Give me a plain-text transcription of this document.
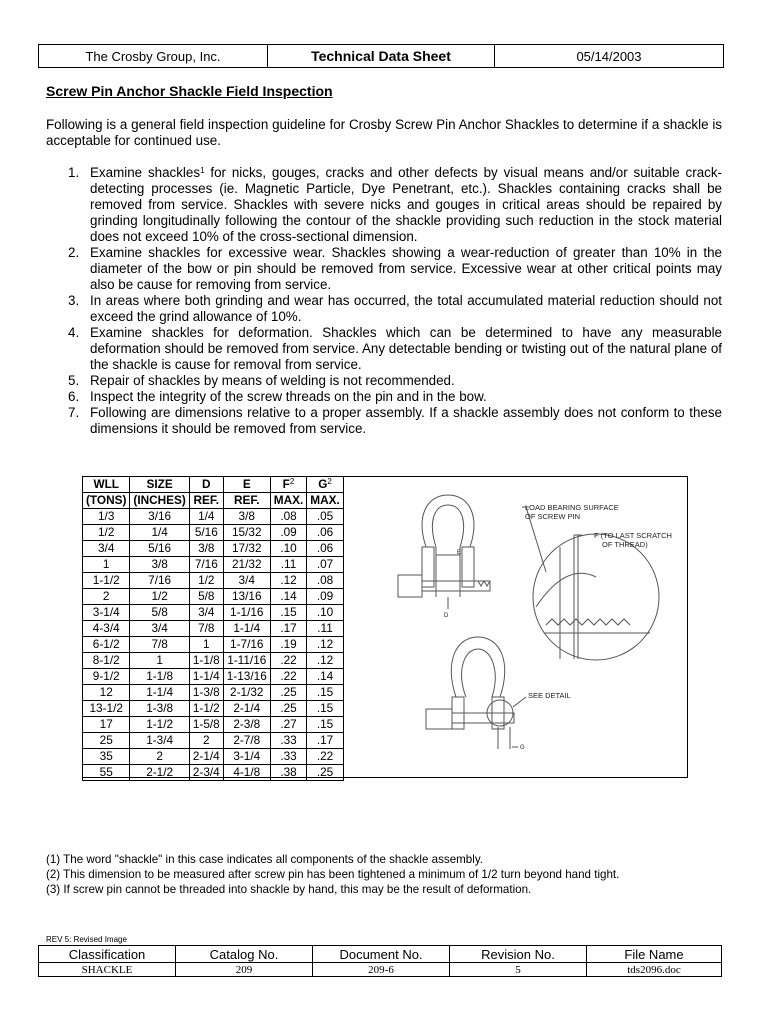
The Crosby Group, Inc.	Technical Data Sheet	05/14/2003
Screw Pin Anchor Shackle Field Inspection
Following is a general field inspection guideline for Crosby Screw Pin Anchor Shackles to determine if a shackle is acceptable for continued use.
1. Examine shackles$^1$ for nicks, gouges, cracks and other defects by visual means and/or suitable crack-detecting processes (ie. Magnetic Particle, Dye Penetrant, etc.). Shackles containing cracks shall be removed from service. Shackles with severe nicks and gouges in critical areas should be repaired by grinding longitudinally following the contour of the shackle providing such reduction in the stock material does not exceed 10% of the cross-sectional dimension.
2. Examine shackles for excessive wear. Shackles showing a wear-reduction of greater than 10% in the diameter of the bow or pin should be removed from service. Excessive wear at other critical points may also be cause for removing from service.
3. In areas where both grinding and wear has occurred, the total accumulated material reduction should not exceed the grind allowance of 10%.
4. Examine shackles for deformation. Shackles which can be determined to have any measurable deformation should be removed from service. Any detectable bending or twisting out of the natural plane of the shackle is cause for removal from service.
5. Repair of shackles by means of welding is not recommended.
6. Inspect the integrity of the screw threads on the pin and in the bow.
7. Following are dimensions relative to a proper assembly. If a shackle assembly does not conform to these dimensions it should be removed from service.
WLL	SIZE	D	E	$F^2$	$G^2$
(TONS)	(INCHES)	REF.	REF.	MAX.	MAX.
1/3	3/16	1/4	3/8	.08	.05
1/2	1/4	5/16	15/32	.09	.06
3/4	5/16	3/8	17/32	.10	.06
1	3/8	7/16	21/32	.11	.07
1-1/2	7/16	1/2	3/4	.12	.08
2	1/2	5/8	13/16	.14	.09
3-1/4	5/8	3/4	1-1/16	.15	.10
4-3/4	3/4	7/8	1-1/4	.17	.11
6-1/2	7/8	1	1-7/16	.19	.12
8-1/2	1	1-1/8	1-11/16	.22	.12
9-1/2	1-1/8	1-1/4	1-13/16	.22	.14
12	1-1/4	1-3/8	2-1/32	.25	.15
13-1/2	1-3/8	1-1/2	2-1/4	.25	.15
17	1-1/2	1-5/8	2-3/8	.27	.15
25	1-3/4	2	2-7/8	.33	.17
35	2	2-1/4	3-1/4	.33	.22
55	2-1/2	2-3/4	4-1/8	.38	.25
E
D
G
LOAD BEARING SURFACE
OF SCREW PIN
F (TO LAST SCRATCH
OF THREAD)
SEE DETAIL
(1) The word "shackle" in this case indicates all components of the shackle assembly.
(2) This dimension to be measured after screw pin has been tightened a minimum of 1/2 turn beyond hand tight.
(3) If screw pin cannot be threaded into shackle by hand, this may be the result of deformation.
REV 5: Revised Image
Classification	Catalog No.	Document No.	Revision No.	File Name
SHACKLE	209	209-6	5	tds2096.doc
